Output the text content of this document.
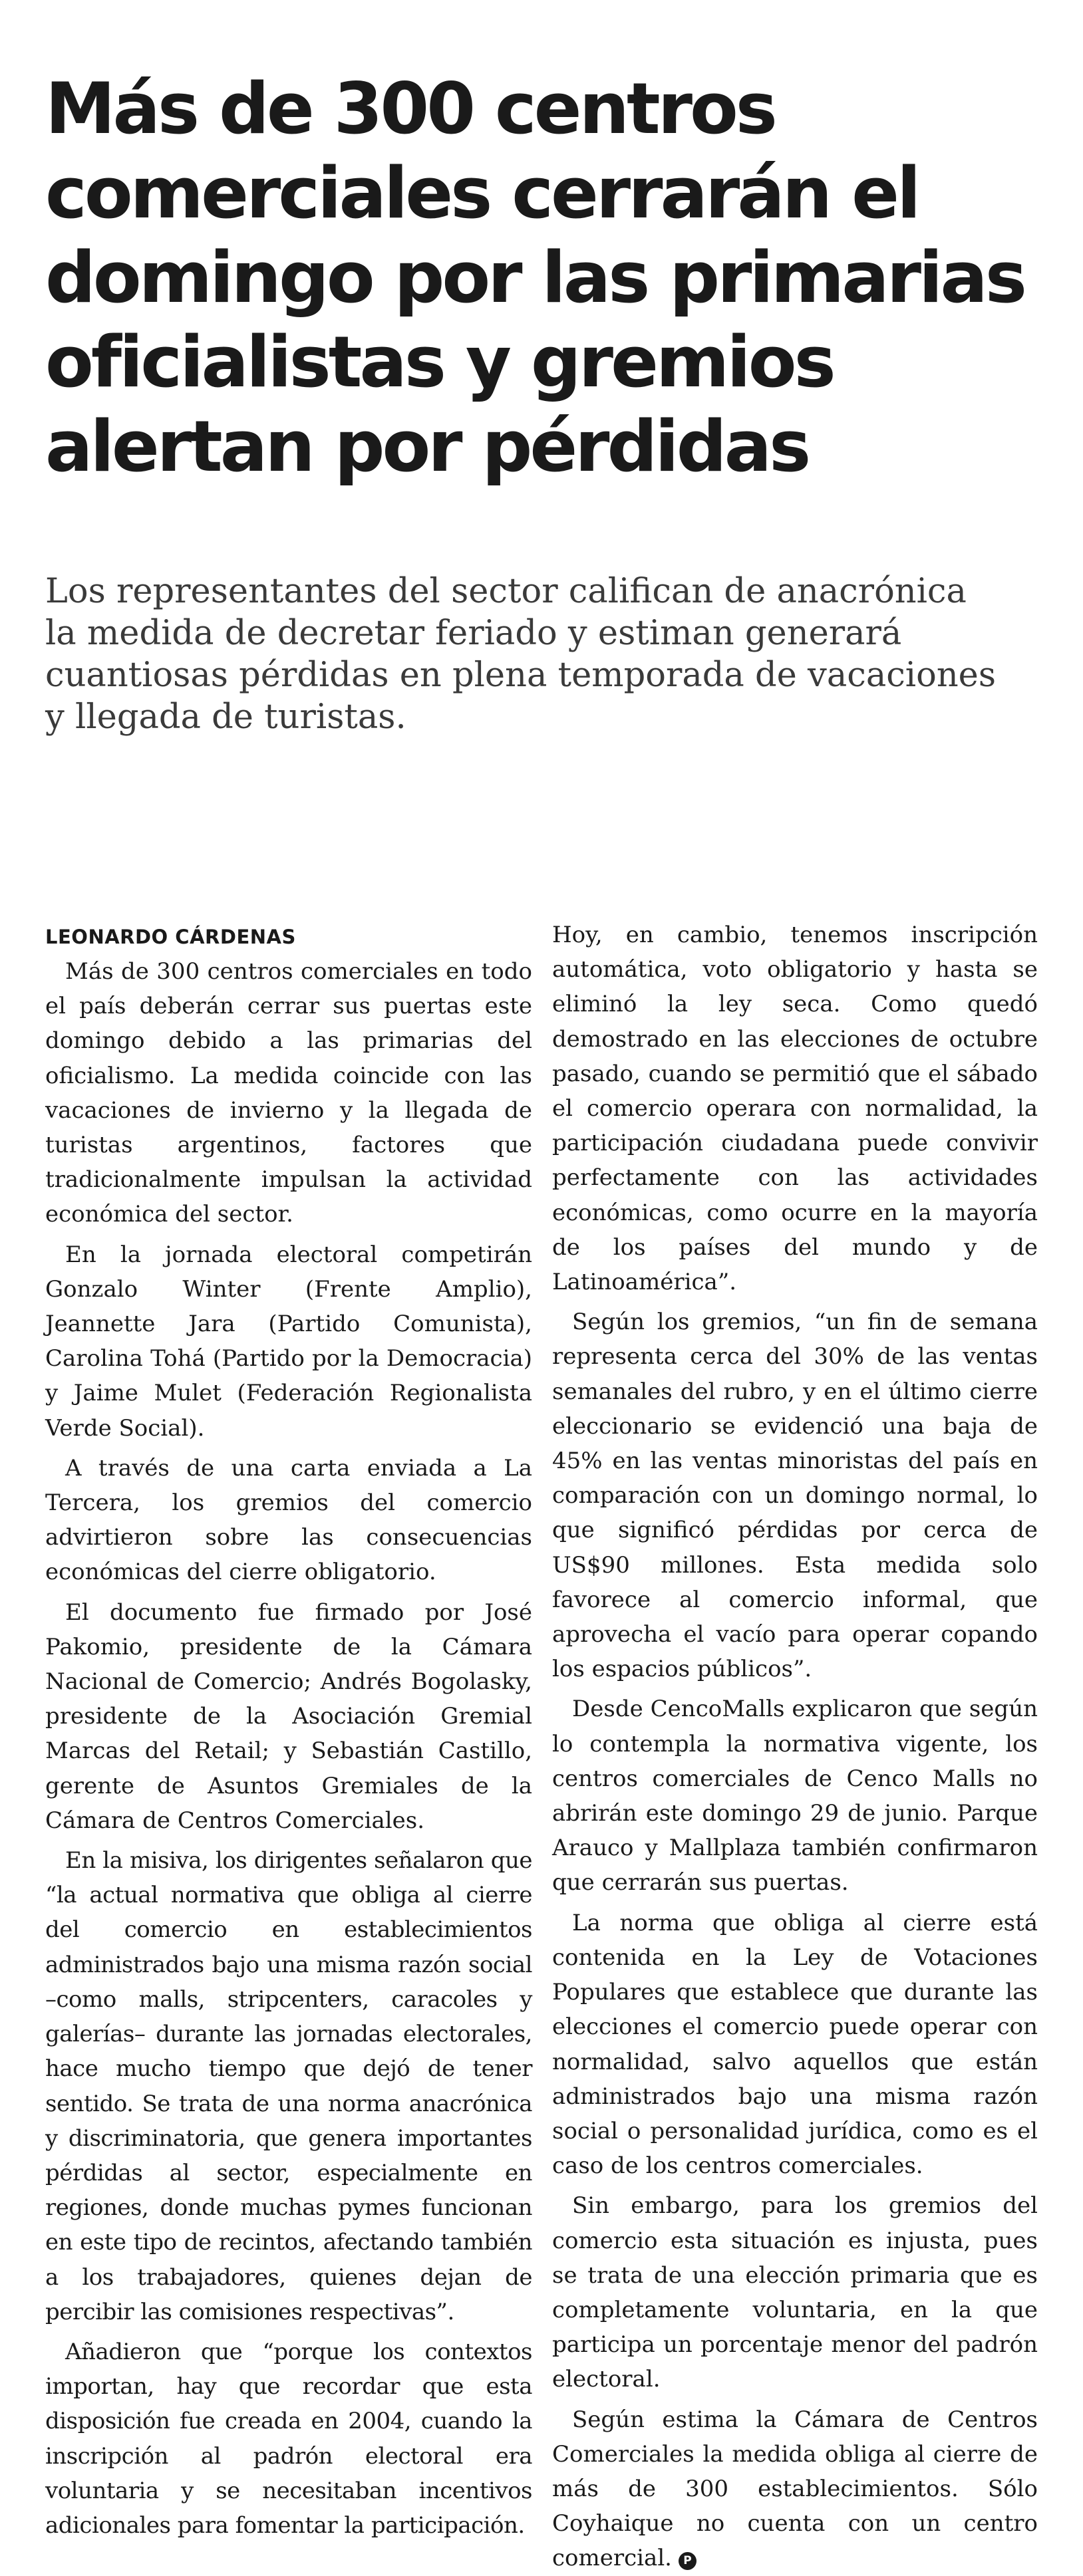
Más de 300 centros
comerciales cerrarán el
domingo por las primarias
oficialistas y gremios
alertan por pérdidas

Los representantes del sector califican de anacrónica
la medida de decretar feriado y estiman generará
cuantiosas pérdidas en plena temporada de vacaciones
y llegada de turistas.

LEONARDO CÁRDENAS

Más de 300 centros comerciales en todo el país deberán cerrar sus puertas este domingo debido a las primarias del oficialismo. La medida coincide con las vacaciones de invierno y la llegada de turistas argentinos, factores que tradicionalmente impulsan la actividad económica del sector.

En la jornada electoral competirán Gonzalo Winter (Frente Amplio), Jeannette Jara (Partido Comunista), Carolina Tohá (Partido por la Democracia) y Jaime Mulet (Federación Regionalista Verde Social).

A través de una carta enviada a La Tercera, los gremios del comercio advirtieron sobre las consecuencias económicas del cierre obligatorio.

El documento fue firmado por José Pakomio, presidente de la Cámara Nacional de Comercio; Andrés Bogolasky, presidente de la Asociación Gremial Marcas del Retail; y Sebastián Castillo, gerente de Asuntos Gremiales de la Cámara de Centros Comerciales.

En la misiva, los dirigentes señalaron que “la actual normativa que obliga al cierre del comercio en establecimientos administrados bajo una misma razón social –como malls, stripcenters, caracoles y galerías– durante las jornadas electorales, hace mucho tiempo que dejó de tener sentido. Se trata de una norma anacrónica y discriminatoria, que genera importantes pérdidas al sector, especialmente en regiones, donde muchas pymes funcionan en este tipo de recintos, afectando también a los trabajadores, quienes dejan de percibir las comisiones respectivas”.

Añadieron que “porque los contextos importan, hay que recordar que esta disposición fue creada en 2004, cuando la inscripción al padrón electoral era voluntaria y se necesitaban incentivos adicionales para fomentar la participación.

Hoy, en cambio, tenemos inscripción automática, voto obligatorio y hasta se eliminó la ley seca. Como quedó demostrado en las elecciones de octubre pasado, cuando se permitió que el sábado el comercio operara con normalidad, la participación ciudadana puede convivir perfectamente con las actividades económicas, como ocurre en la mayoría de los países del mundo y de Latinoamérica”.

Según los gremios, “un fin de semana representa cerca del 30% de las ventas semanales del rubro, y en el último cierre eleccionario se evidenció una baja de 45% en las ventas minoristas del país en comparación con un domingo normal, lo que significó pérdidas por cerca de US$90 millones. Esta medida solo favorece al comercio informal, que aprovecha el vacío para operar copando los espacios públicos”.

Desde CencoMalls explicaron que según lo contempla la normativa vigente, los centros comerciales de Cenco Malls no abrirán este domingo 29 de junio. Parque Arauco y Mallplaza también confirmaron que cerrarán sus puertas.

La norma que obliga al cierre está contenida en la Ley de Votaciones Populares que establece que durante las elecciones el comercio puede operar con normalidad, salvo aquellos que están administrados bajo una misma razón social o personalidad jurídica, como es el caso de los centros comerciales.

Sin embargo, para los gremios del comercio esta situación es injusta, pues se trata de una elección primaria que es completamente voluntaria, en la que participa un porcentaje menor del padrón electoral.

Según estima la Cámara de Centros Comerciales la medida obliga al cierre de más de 300 establecimientos. Sólo Coyhaique no cuenta con un centro comercial. P
